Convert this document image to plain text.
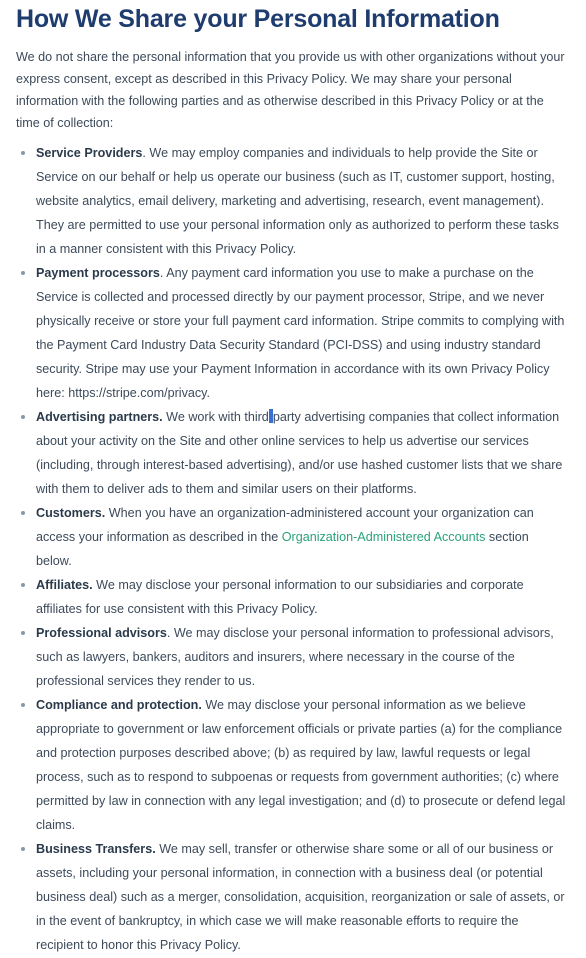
How We Share your Personal Information

We do not share the personal information that you provide us with other organizations without your express consent, except as described in this Privacy Policy. We may share your personal information with the following parties and as otherwise described in this Privacy Policy or at the time of collection:

Service Providers. We may employ companies and individuals to help provide the Site or Service on our behalf or help us operate our business (such as IT, customer support, hosting, website analytics, email delivery, marketing and advertising, research, event management). They are permitted to use your personal information only as authorized to perform these tasks in a manner consistent with this Privacy Policy.
Payment processors. Any payment card information you use to make a purchase on the Service is collected and processed directly by our payment processor, Stripe, and we never physically receive or store your full payment card information. Stripe commits to complying with the Payment Card Industry Data Security Standard (PCI-DSS) and using industry standard security. Stripe may use your Payment Information in accordance with its own Privacy Policy here: https://stripe.com/privacy.
Advertising partners. We work with third party advertising companies that collect information about your activity on the Site and other online services to help us advertise our services (including, through interest-based advertising), and/or use hashed customer lists that we share with them to deliver ads to them and similar users on their platforms.
Customers. When you have an organization-administered account your organization can access your information as described in the Organization-Administered Accounts section below.
Affiliates. We may disclose your personal information to our subsidiaries and corporate affiliates for use consistent with this Privacy Policy.
Professional advisors. We may disclose your personal information to professional advisors, such as lawyers, bankers, auditors and insurers, where necessary in the course of the professional services they render to us.
Compliance and protection. We may disclose your personal information as we believe appropriate to government or law enforcement officials or private parties (a) for the compliance and protection purposes described above; (b) as required by law, lawful requests or legal process, such as to respond to subpoenas or requests from government authorities; (c) where permitted by law in connection with any legal investigation; and (d) to prosecute or defend legal claims.
Business Transfers. We may sell, transfer or otherwise share some or all of our business or assets, including your personal information, in connection with a business deal (or potential business deal) such as a merger, consolidation, acquisition, reorganization or sale of assets, or in the event of bankruptcy, in which case we will make reasonable efforts to require the recipient to honor this Privacy Policy.
